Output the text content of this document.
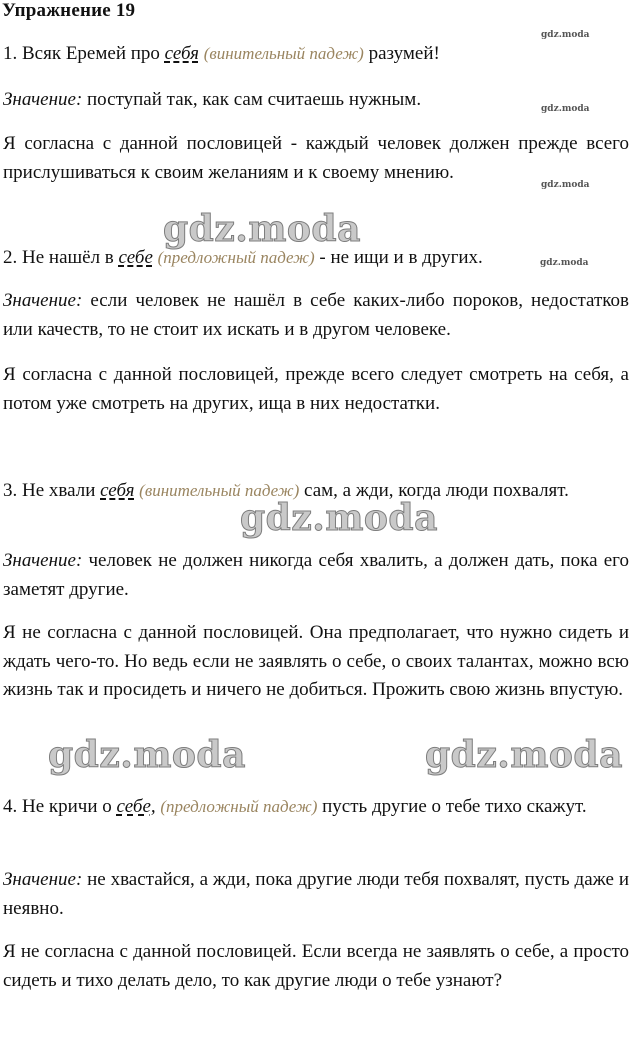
Упражнение 19
gdz.moda
gdz.moda
gdz.moda
1. Всяк Еремей про себя (винительный падеж) разумей!
Значение: поступай так, как сам считаешь нужным.
Я согласна с данной пословицей - каждый человек должен прежде всего прислушиваться к своим желаниям и к своему мнению.
gdz.moda
2. Не нашёл в себе (предложный падеж) - не ищи и в других.	gdz.moda
Значение: если человек не нашёл в себе каких-либо пороков, недостатков или качеств, то не стоит их искать и в другом человеке.
Я согласна с данной пословицей, прежде всего следует смотреть на себя, а потом уже смотреть на других, ища в них недостатки.
3. Не хвали себя (винительный падеж) сам, а жди, когда люди похвалят.
gdz.moda
Значение: человек не должен никогда себя хвалить, а должен дать, пока его заметят другие.
Я не согласна с данной пословицей. Она предполагает, что нужно сидеть и ждать чего-то. Но ведь если не заявлять о себе, о своих талантах, можно всю жизнь так и просидеть и ничего не добиться. Прожить свою жизнь впустую.
gdz.moda	gdz.moda
4. Не кричи о себе, (предложный падеж) пусть другие о тебе тихо скажут.
Значение: не хвастайся, а жди, пока другие люди тебя похвалят, пусть даже и неявно.
Я не согласна с данной пословицей. Если всегда не заявлять о себе, а просто сидеть и тихо делать дело, то как другие люди о тебе узнают?
